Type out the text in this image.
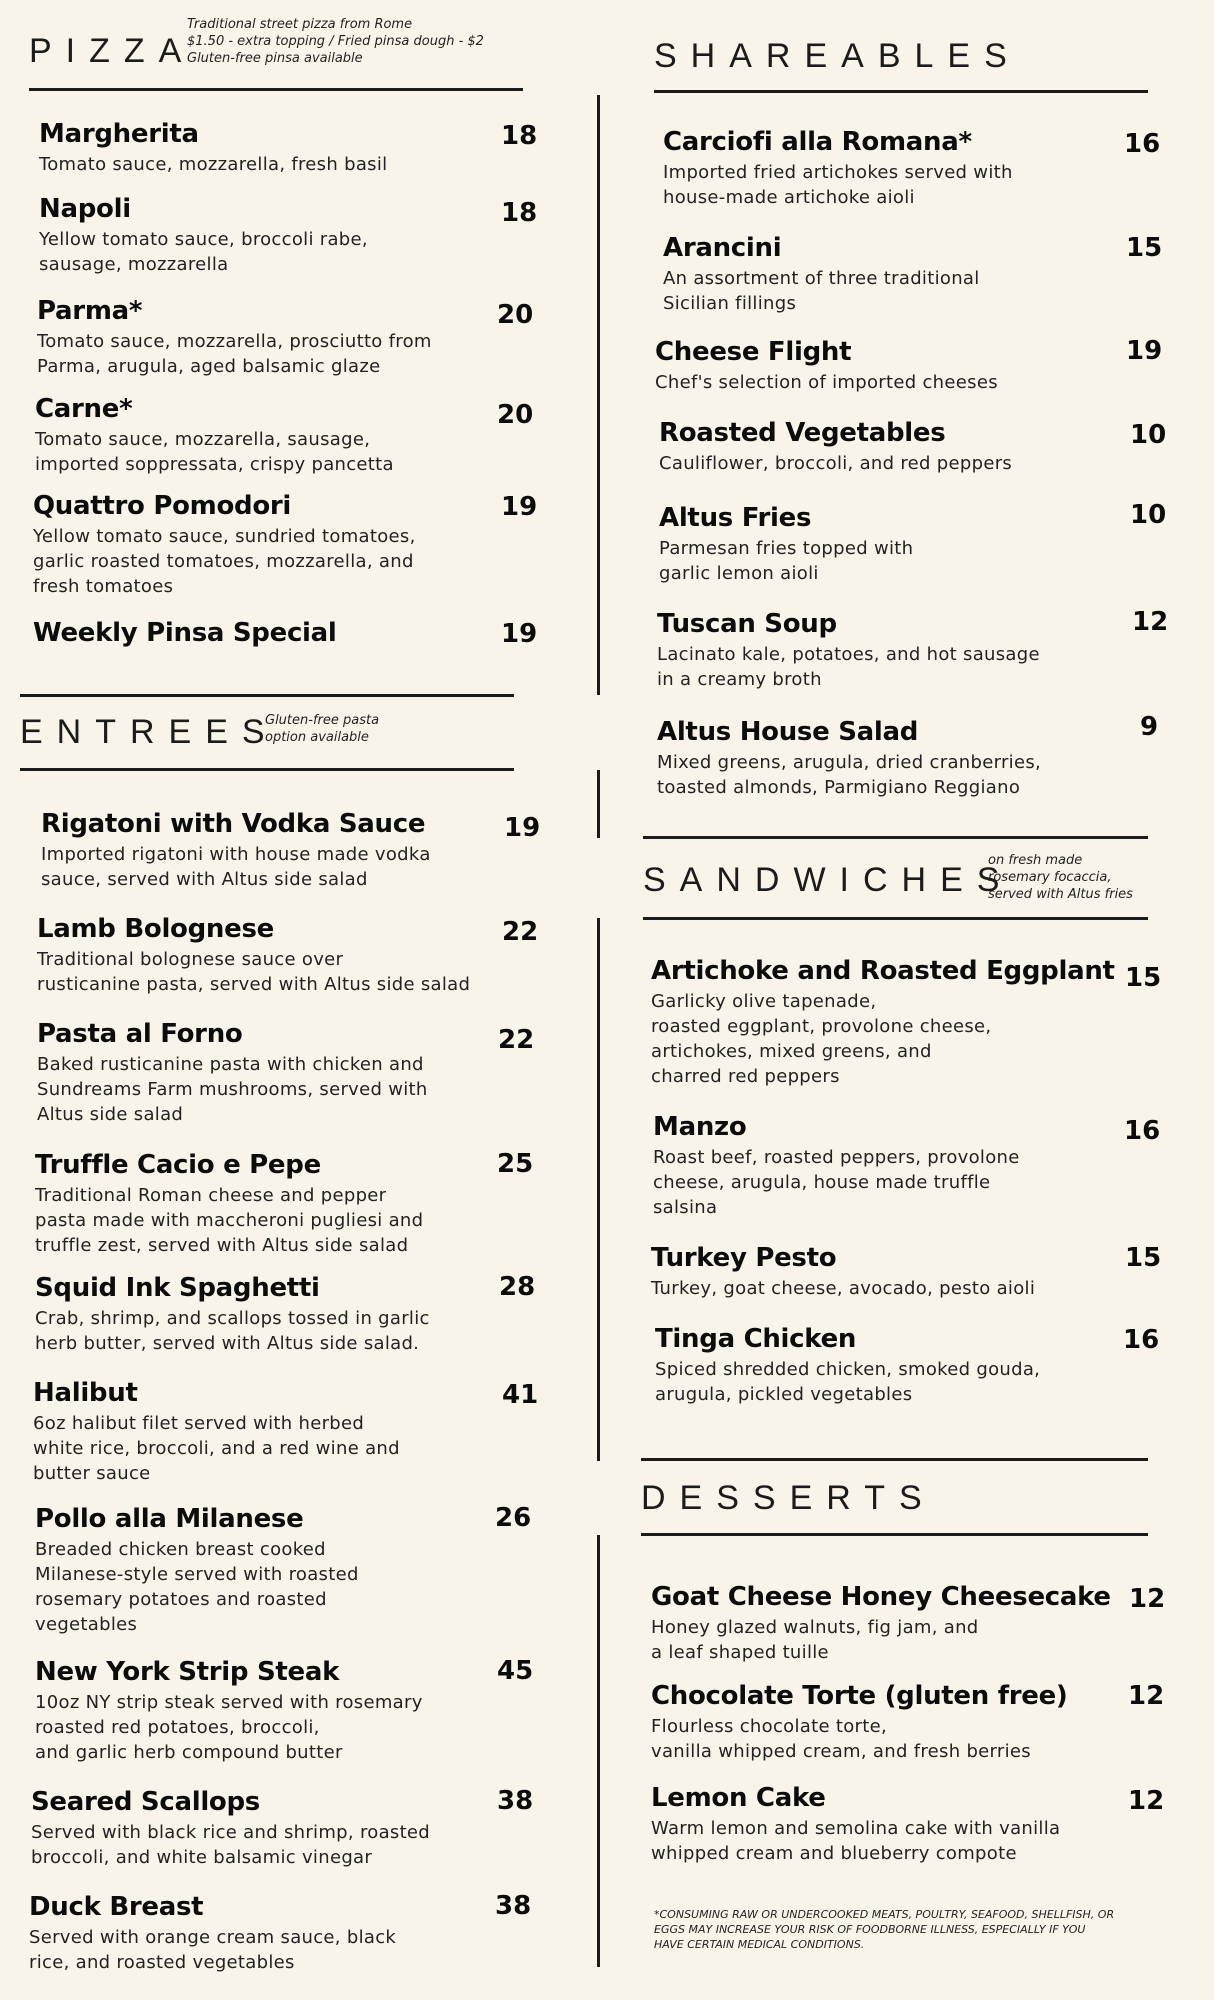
PIZZA
Traditional street pizza from Rome
$1.50 - extra topping / Fried pinsa dough - $2
Gluten-free pinsa available
Margherita
Tomato sauce, mozzarella, fresh basil
18
Napoli
Yellow tomato sauce, broccoli rabe,
sausage, mozzarella
18
Parma*
Tomato sauce, mozzarella, prosciutto from
Parma, arugula, aged balsamic glaze
20
Carne*
Tomato sauce, mozzarella, sausage,
imported soppressata, crispy pancetta
20
Quattro Pomodori
Yellow tomato sauce, sundried tomatoes,
garlic roasted tomatoes, mozzarella, and
fresh tomatoes
19
Weekly Pinsa Special	19
ENTREES
Gluten-free pasta
option available
Rigatoni with Vodka Sauce
Imported rigatoni with house made vodka
sauce, served with Altus side salad
19
Lamb Bolognese
Traditional bolognese sauce over
rusticanine pasta, served with Altus side salad
22
Pasta al Forno
Baked rusticanine pasta with chicken and
Sundreams Farm mushrooms, served with
Altus side salad
22
Truffle Cacio e Pepe
Traditional Roman cheese and pepper
pasta made with maccheroni pugliesi and
truffle zest, served with Altus side salad
25
Squid Ink Spaghetti
Crab, shrimp, and scallops tossed in garlic
herb butter, served with Altus side salad.
28
Halibut
6oz halibut filet served with herbed
white rice, broccoli, and a red wine and
butter sauce
41
Pollo alla Milanese
Breaded chicken breast cooked
Milanese-style served with roasted
rosemary potatoes and roasted
vegetables
26
New York Strip Steak
10oz NY strip steak served with rosemary
roasted red potatoes, broccoli,
and garlic herb compound butter
45
Seared Scallops
Served with black rice and shrimp, roasted
broccoli, and white balsamic vinegar
38
Duck Breast
Served with orange cream sauce, black
rice, and roasted vegetables
38
SHAREABLES
Carciofi alla Romana*
Imported fried artichokes served with
house-made artichoke aioli
16
Arancini
An assortment of three traditional
Sicilian fillings
15
Cheese Flight
Chef's selection of imported cheeses
19
Roasted Vegetables
Cauliflower, broccoli, and red peppers
10
Altus Fries
Parmesan fries topped with
garlic lemon aioli
10
Tuscan Soup
Lacinato kale, potatoes, and hot sausage
in a creamy broth
12
Altus House Salad
Mixed greens, arugula, dried cranberries,
toasted almonds, Parmigiano Reggiano
9
SANDWICHES
on fresh made
rosemary focaccia,
served with Altus fries
Artichoke and Roasted Eggplant
Garlicky olive tapenade,
roasted eggplant, provolone cheese,
artichokes, mixed greens, and
charred red peppers
15
Manzo
Roast beef, roasted peppers, provolone
cheese, arugula, house made truffle
salsina
16
Turkey Pesto
Turkey, goat cheese, avocado, pesto aioli
15
Tinga Chicken
Spiced shredded chicken, smoked gouda,
arugula, pickled vegetables
16
DESSERTS
Goat Cheese Honey Cheesecake
Honey glazed walnuts, fig jam, and
a leaf shaped tuille
12
Chocolate Torte (gluten free)
Flourless chocolate torte,
vanilla whipped cream, and fresh berries
12
Lemon Cake
Warm lemon and semolina cake with vanilla
whipped cream and blueberry compote
12
*CONSUMING RAW OR UNDERCOOKED MEATS, POULTRY, SEAFOOD, SHELLFISH, OR
EGGS MAY INCREASE YOUR RISK OF FOODBORNE ILLNESS, ESPECIALLY IF YOU
HAVE CERTAIN MEDICAL CONDITIONS.
